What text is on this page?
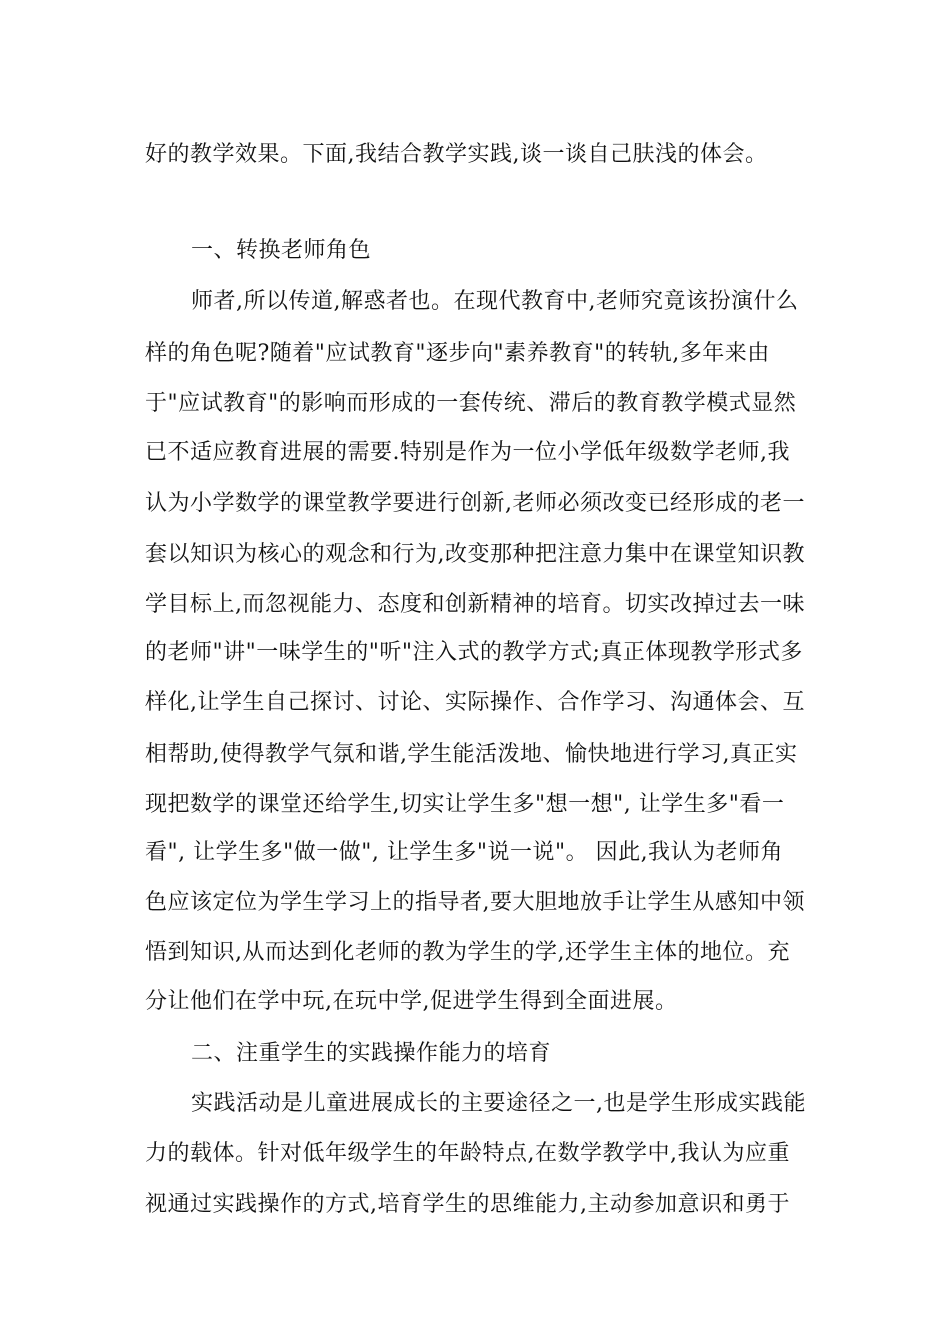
好的教学效果。下面,我结合教学实践,谈一谈自己肤浅的体会。
一、转换老师角色
师者,所以传道,解惑者也。在现代教育中,老师究竟该扮演什么
样的角色呢?随着"应试教育"逐步向"素养教育"的转轨,多年来由
于"应试教育"的影响而形成的一套传统、滞后的教育教学模式显然
已不适应教育进展的需要.特别是作为一位小学低年级数学老师,我
认为小学数学的课堂教学要进行创新,老师必须改变已经形成的老一
套以知识为核心的观念和行为,改变那种把注意力集中在课堂知识教
学目标上,而忽视能力、态度和创新精神的培育。切实改掉过去一味
的老师"讲"一味学生的"听"注入式的教学方式;真正体现教学形式多
样化,让学生自己探讨、讨论、实际操作、合作学习、沟通体会、互
相帮助,使得教学气氛和谐,学生能活泼地、愉快地进行学习,真正实
现把数学的课堂还给学生,切实让学生多"想一想", 让学生多"看一
看", 让学生多"做一做", 让学生多"说一说"。 因此,我认为老师角
色应该定位为学生学习上的指导者,要大胆地放手让学生从感知中领
悟到知识,从而达到化老师的教为学生的学,还学生主体的地位。充
分让他们在学中玩,在玩中学,促进学生得到全面进展。
二、注重学生的实践操作能力的培育
实践活动是儿童进展成长的主要途径之一,也是学生形成实践能
力的载体。针对低年级学生的年龄特点,在数学教学中,我认为应重
视通过实践操作的方式,培育学生的思维能力,主动参加意识和勇于
